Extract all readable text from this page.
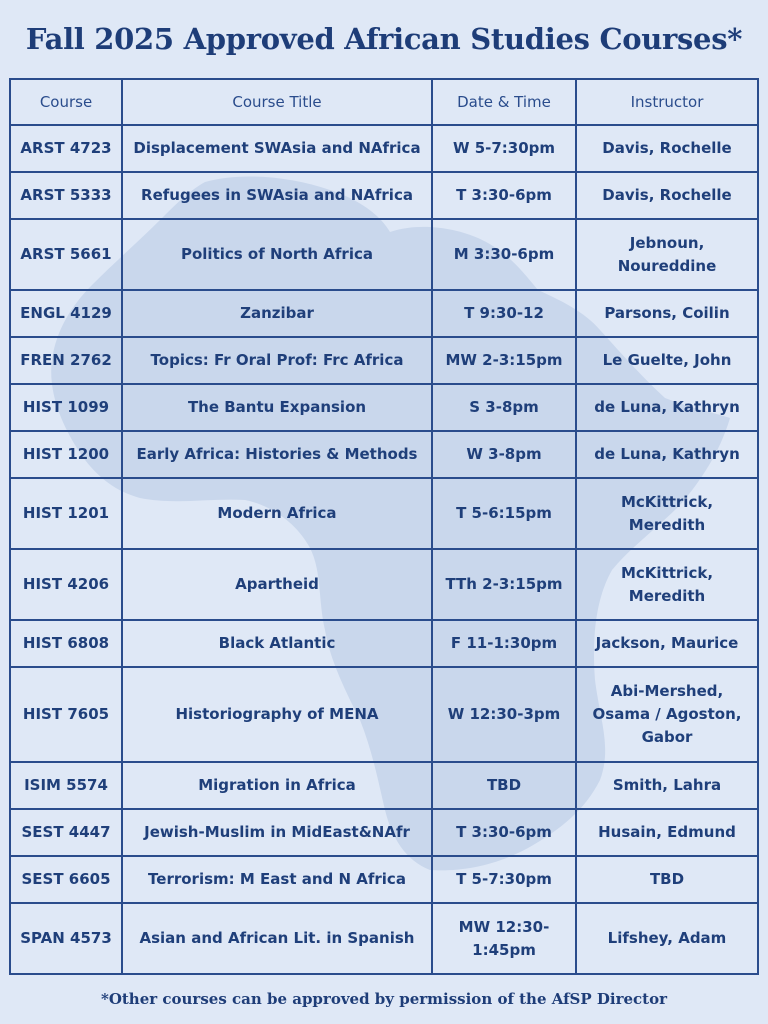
Fall 2025 Approved African Studies Courses*
Course	Course Title	Date & Time	Instructor
ARST 4723	Displacement SWAsia and NAfrica	W 5-7:30pm	Davis, Rochelle
ARST 5333	Refugees in SWAsia and NAfrica	T 3:30-6pm	Davis, Rochelle
ARST 5661	Politics of North Africa	M 3:30-6pm	Jebnoun, Noureddine
ENGL 4129	Zanzibar	T 9:30-12	Parsons, Coilin
FREN 2762	Topics: Fr Oral Prof: Frc Africa	MW 2-3:15pm	Le Guelte, John
HIST 1099	The Bantu Expansion	S 3-8pm	de Luna, Kathryn
HIST 1200	Early Africa: Histories & Methods	W 3-8pm	de Luna, Kathryn
HIST 1201	Modern Africa	T 5-6:15pm	McKittrick, Meredith
HIST 4206	Apartheid	TTh 2-3:15pm	McKittrick, Meredith
HIST 6808	Black Atlantic	F 11-1:30pm	Jackson, Maurice
HIST 7605	Historiography of MENA	W 12:30-3pm	Abi-Mershed, Osama / Agoston, Gabor
ISIM 5574	Migration in Africa	TBD	Smith, Lahra
SEST 4447	Jewish-Muslim in MidEast&NAfr	T 3:30-6pm	Husain, Edmund
SEST 6605	Terrorism: M East and N Africa	T 5-7:30pm	TBD
SPAN 4573	Asian and African Lit. in Spanish	MW 12:30-1:45pm	Lifshey, Adam
*Other courses can be approved by permission of the AfSP Director
